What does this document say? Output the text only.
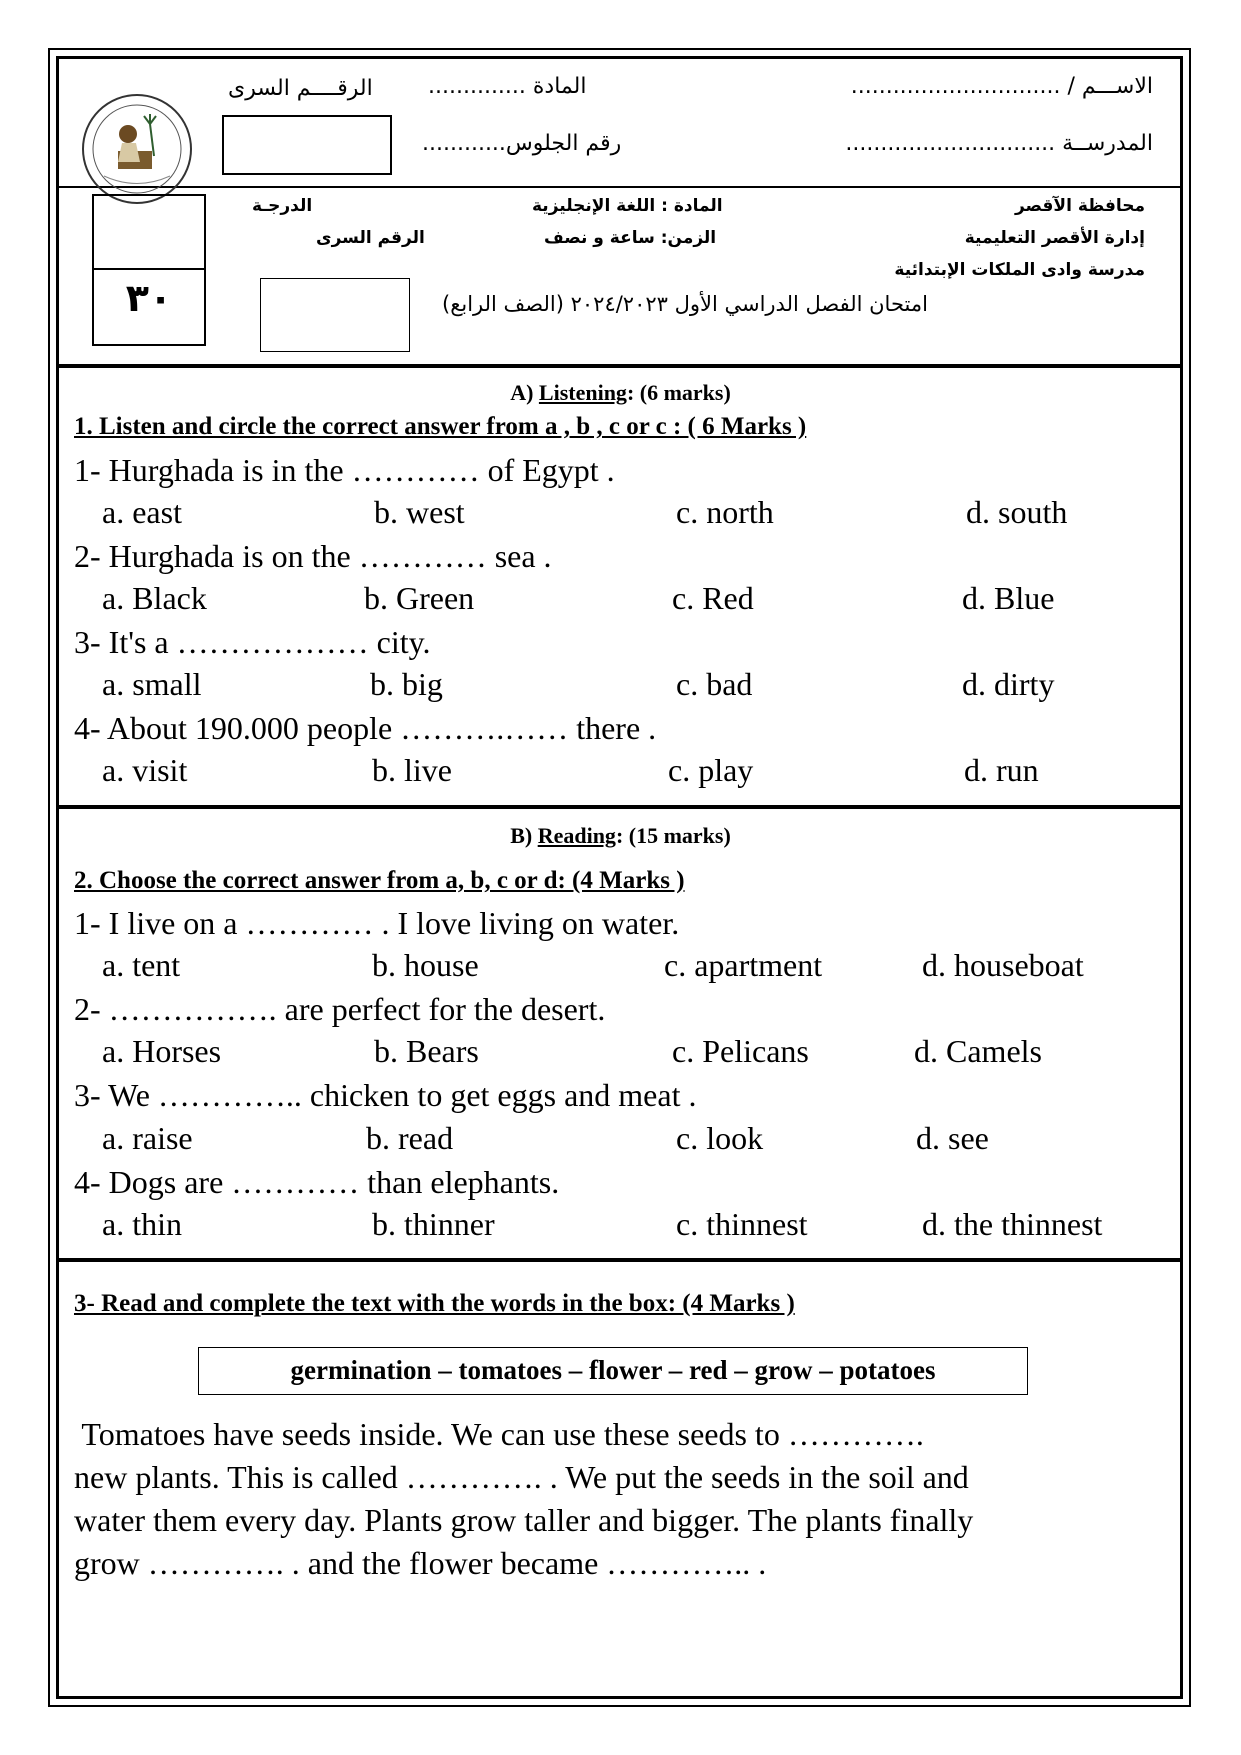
الاســـم / ..............................
المادة ..............
الرقــــم السرى
المدرســة ..............................
رقم الجلوس............
٣٠
الدرجـة
الرقم السرى
المادة : اللغة الإنجليزية
الزمن: ساعة و نصف
محافظة الآقصر
إدارة الأقصر التعليمية
مدرسة وادى الملكات الإبتدائية
امتحان الفصل الدراسي الأول ٢٠٢٤/٢٠٢٣ (الصف الرابع)
A) Listening: (6 marks)
1. Listen and circle the correct answer from a , b , c or c : ( 6 Marks )
1- Hurghada is in the ………… of Egypt .
a. east	b. west	c. north	d. south
2- Hurghada is on the ………… sea .
a. Black	b. Green	c. Red	d. Blue
3- It's a ……………… city.
a. small	b. big	c. bad	d. dirty
4- About 190.000 people ……….…… there .
a. visit	b. live	c. play	d. run
B) Reading: (15 marks)
2. Choose the correct answer from a, b, c or d: (4 Marks )
1- I live on a ………… . I love living on water.
a. tent	b. house	c. apartment	d. houseboat
2- ……………. are perfect for the desert.
a. Horses	b. Bears	c. Pelicans	d. Camels
3- We ………….. chicken to get eggs and meat .
a. raise	b. read	c. look	d. see
4- Dogs are ………… than elephants.
a. thin	b. thinner	c. thinnest	d. the thinnest
3- Read and complete the text with the words in the box: (4 Marks )
germination – tomatoes – flower – red – grow – potatoes
Tomatoes have seeds inside. We can use these seeds to ………….
new plants. This is called …………. . We put the seeds in the soil and
water them every day. Plants grow taller and bigger. The plants finally
grow …………. . and the flower became ………….. .
